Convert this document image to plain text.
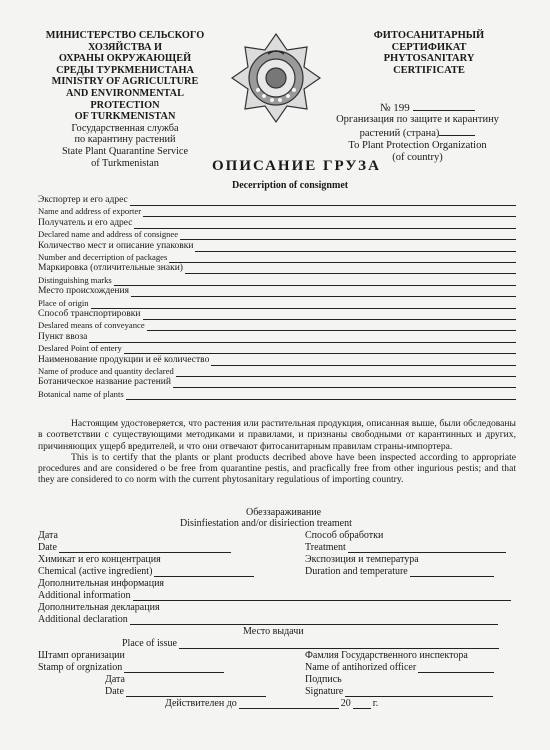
МИНИСТЕРСТВО СЕЛЬСКОГО
ХОЗЯЙСТВА И
ОХРАНЫ ОКРУЖАЮЩЕЙ
СРЕДЫ ТУРКМЕНИСТАНА
MINISTRY OF AGRICULTURE
AND ENVIRONMENTAL
PROTECTION
OF TURKMENISTAN
Государственная служба
по карантину растений
State Plant Quarantine Service
of Turkmenistan
ФИТОСАНИТАРНЫЙ
СЕРТИФИКАТ
PHYTOSANITARY
CERTIFICATE
№ 199
Организация по защите и карантину
растений (страна)
To Plant Protection Organization
(of country)
ОПИСАНИЕ ГРУЗА
Decerription of consignmet
Экспортер и его адрес
Name and address of exporter
Получатель и его адрес
Declared name and address of consignee
Количество мест и описание упаковки
Number and decerription of packages
Маркировка (отличительные знаки)
Distinguishing marks
Место происхождения
Place of origin
Способ транспортировки
Deslared means of conveyance
Пункт ввоза
Deslared Point of entery
Наименование продукции и её количество
Name of produce and quantity declared
Ботаническое название растений
Botanical name of plants

Настоящим удостоверяется, что растения или растительная продукция, описанная выше, были обследованы в соответствии с существующими методиками и правилами, и признаны свободными от карантинных и других, причиняющих ущерб вредителей, и что они отвечают фитосанитарным правилам страны-импортера.

This is to certify that the plants or plant products decribed above have been inspected according to appropriate procedures and are considered o be free from quarantine pestis, and pracfically free from other ingurious pestis; and that they are considered to co norm with the current phytosanitary regulatious of importing country.

Обеззараживание
Disinfiestation and/or disiriection treament
Дата
Date
Способ обработки
Treatment
Химикат и его концентрация
Chemical (active ingredient)
Экспозиция и температура
Duration and temperature
Дополнительная информация
Additional information
Дополнительная декларация
Additional declaration
Место выдачи
Place of issue
Штамп организации
Stamp of orgnization
Фамлия Государственного инспектора
Name of antihorized officer
Дата
Date
Подпись
Signature
Действителен до	20 г.
